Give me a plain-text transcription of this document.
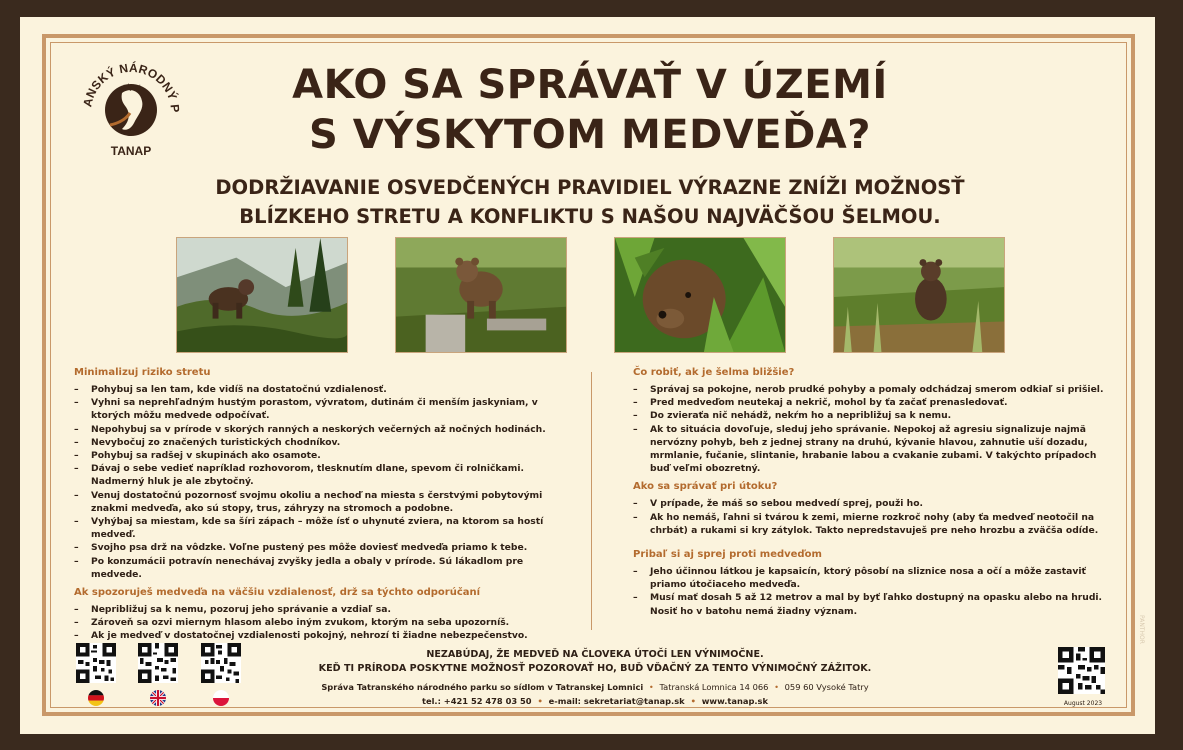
ANSKÝ NÁRODNÝ P
TANAP
AKO SA SPRÁVAŤ V ÚZEMÍ
S VÝSKYTOM MEDVEĎA?
DODRŽIAVANIE OSVEDČENÝCH PRAVIDIEL VÝRAZNE ZNÍŽI MOŽNOSŤ
BLÍZKEHO STRETU A KONFLIKTU S NAŠOU NAJVÄČŠOU ŠELMOU.
Minimalizuj riziko stretu
– Pohybuj sa len tam, kde vidíš na dostatočnú vzdialenosť.
– Vyhni sa neprehľadným hustým porastom, vývratom, dutinám či menším jaskyniam, v ktorých môžu medvede odpočívať.
– Nepohybuj sa v prírode v skorých ranných a neskorých večerných až nočných hodinách.
– Nevybočuj zo značených turistických chodníkov.
– Pohybuj sa radšej v skupinách ako osamote.
– Dávaj o sebe vedieť napríklad rozhovorom, tlesknutím dlane, spevom či rolničkami. Nadmerný hluk je ale zbytočný.
– Venuj dostatočnú pozornosť svojmu okoliu a nechoď na miesta s čerstvými pobytovými znakmi medveďa, ako sú stopy, trus, záhryzy na stromoch a podobne.
– Vyhýbaj sa miestam, kde sa šíri zápach – môže ísť o uhynuté zviera, na ktorom sa hostí medveď.
– Svojho psa drž na vôdzke. Voľne pustený pes môže doviesť medveďa priamo k tebe.
– Po konzumácii potravín nenechávaj zvyšky jedla a obaly v prírode. Sú lákadlom pre medvede.
Ak spozoruješ medveďa na väčšiu vzdialenosť, drž sa týchto odporúčaní
– Nepribližuj sa k nemu, pozoruj jeho správanie a vzdiaľ sa.
– Zároveň sa ozvi miernym hlasom alebo iným zvukom, ktorým na seba upozorníš.
– Ak je medveď v dostatočnej vzdialenosti pokojný, nehrozí ti žiadne nebezpečenstvo.
Čo robiť, ak je šelma bližšie?
– Správaj sa pokojne, nerob prudké pohyby a pomaly odchádzaj smerom odkiaľ si prišiel.
– Pred medveďom neutekaj a nekrič, mohol by ťa začať prenasledovať.
– Do zvieraťa nič nehádž, nekŕm ho a nepribližuj sa k nemu.
– Ak to situácia dovoľuje, sleduj jeho správanie. Nepokoj až agresiu signalizuje najmä nervózny pohyb, beh z jednej strany na druhú, kývanie hlavou, zahnutie uší dozadu, mrmlanie, fučanie, slintanie, hrabanie labou a cvakanie zubami. V takýchto prípadoch buď veľmi obozretný.
Ako sa správať pri útoku?
– V prípade, že máš so sebou medvedí sprej, použi ho.
– Ak ho nemáš, ľahni si tvárou k zemi, mierne rozkroč nohy (aby ťa medveď neotočil na chrbát) a rukami si kry zátylok. Takto nepredstavuješ pre neho hrozbu a zväčša odíde.
Pribaľ si aj sprej proti medveďom
– Jeho účinnou látkou je kapsaicín, ktorý pôsobí na sliznice nosa a očí a môže zastaviť priamo útočiaceho medveďa.
– Musí mať dosah 5 až 12 metrov a mal by byť ľahko dostupný na opasku alebo na hrudi. Nosiť ho v batohu nemá žiadny význam.
NEZABÚDAJ, ŽE MEDVEĎ NA ČLOVEKA ÚTOČÍ LEN VÝNIMOČNE.
KEĎ TI PRÍRODA POSKYTNE MOŽNOSŤ POZOROVAŤ HO, BUĎ VĎAČNÝ ZA TENTO VÝNIMOČNÝ ZÁŽITOK.
Správa Tatranského národného parku so sídlom v Tatranskej Lomnici • Tatranská Lomnica 14 066 • 059 60 Vysoké Tatry
tel.: +421 52 478 03 50 • e-mail: sekretariat@tanap.sk • www.tanap.sk	August 2023
PANTHOR
